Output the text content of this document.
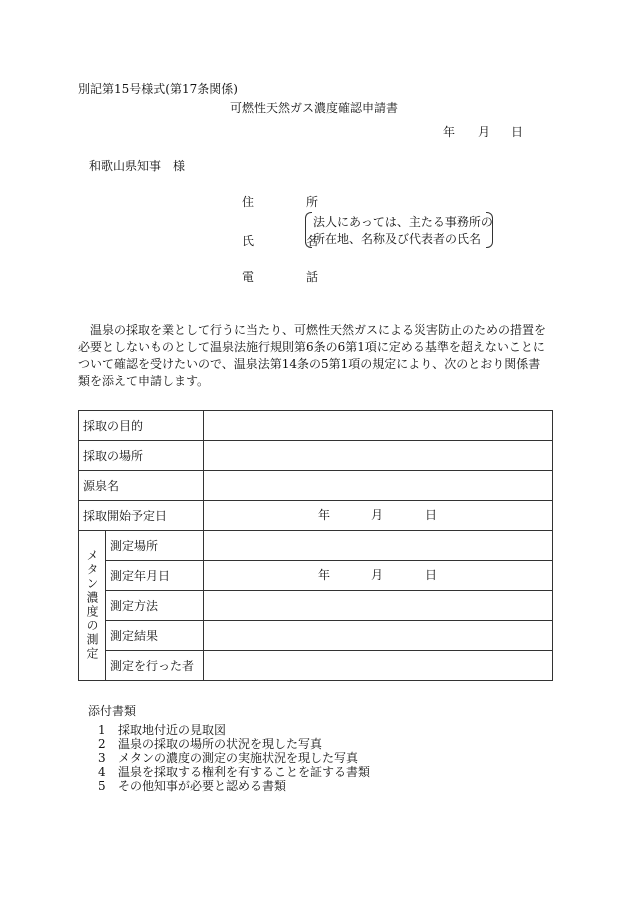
別記第15号様式(第17条関係)
可燃性天然ガス濃度確認申請書
年 月 日
和歌山県知事　様
住　所
氏　名
電　話
法人にあっては、主たる事務所の
所在地、名称及び代表者の氏名
温泉の採取を業として行うに当たり、可燃性天然ガスによる災害防止のための措置を必要としないものとして温泉法施行規則第6条の6第1項に定める基準を超えないことについて確認を受けたいので、温泉法第14条の5第1項の規定により、次のとおり関係書類を添えて申請します。
採取の目的		
採取の場所		
源泉名		
採取開始予定日		年 月 日

メタン濃度の測定	測定場所	
	測定年月日	年 月 日

	測定方法	
	測定結果	
	測定を行った者	
添付書類
1 採取地付近の見取図
2 温泉の採取の場所の状況を現した写真
3 メタンの濃度の測定の実施状況を現した写真
4 温泉を採取する権利を有することを証する書類
5 その他知事が必要と認める書類
